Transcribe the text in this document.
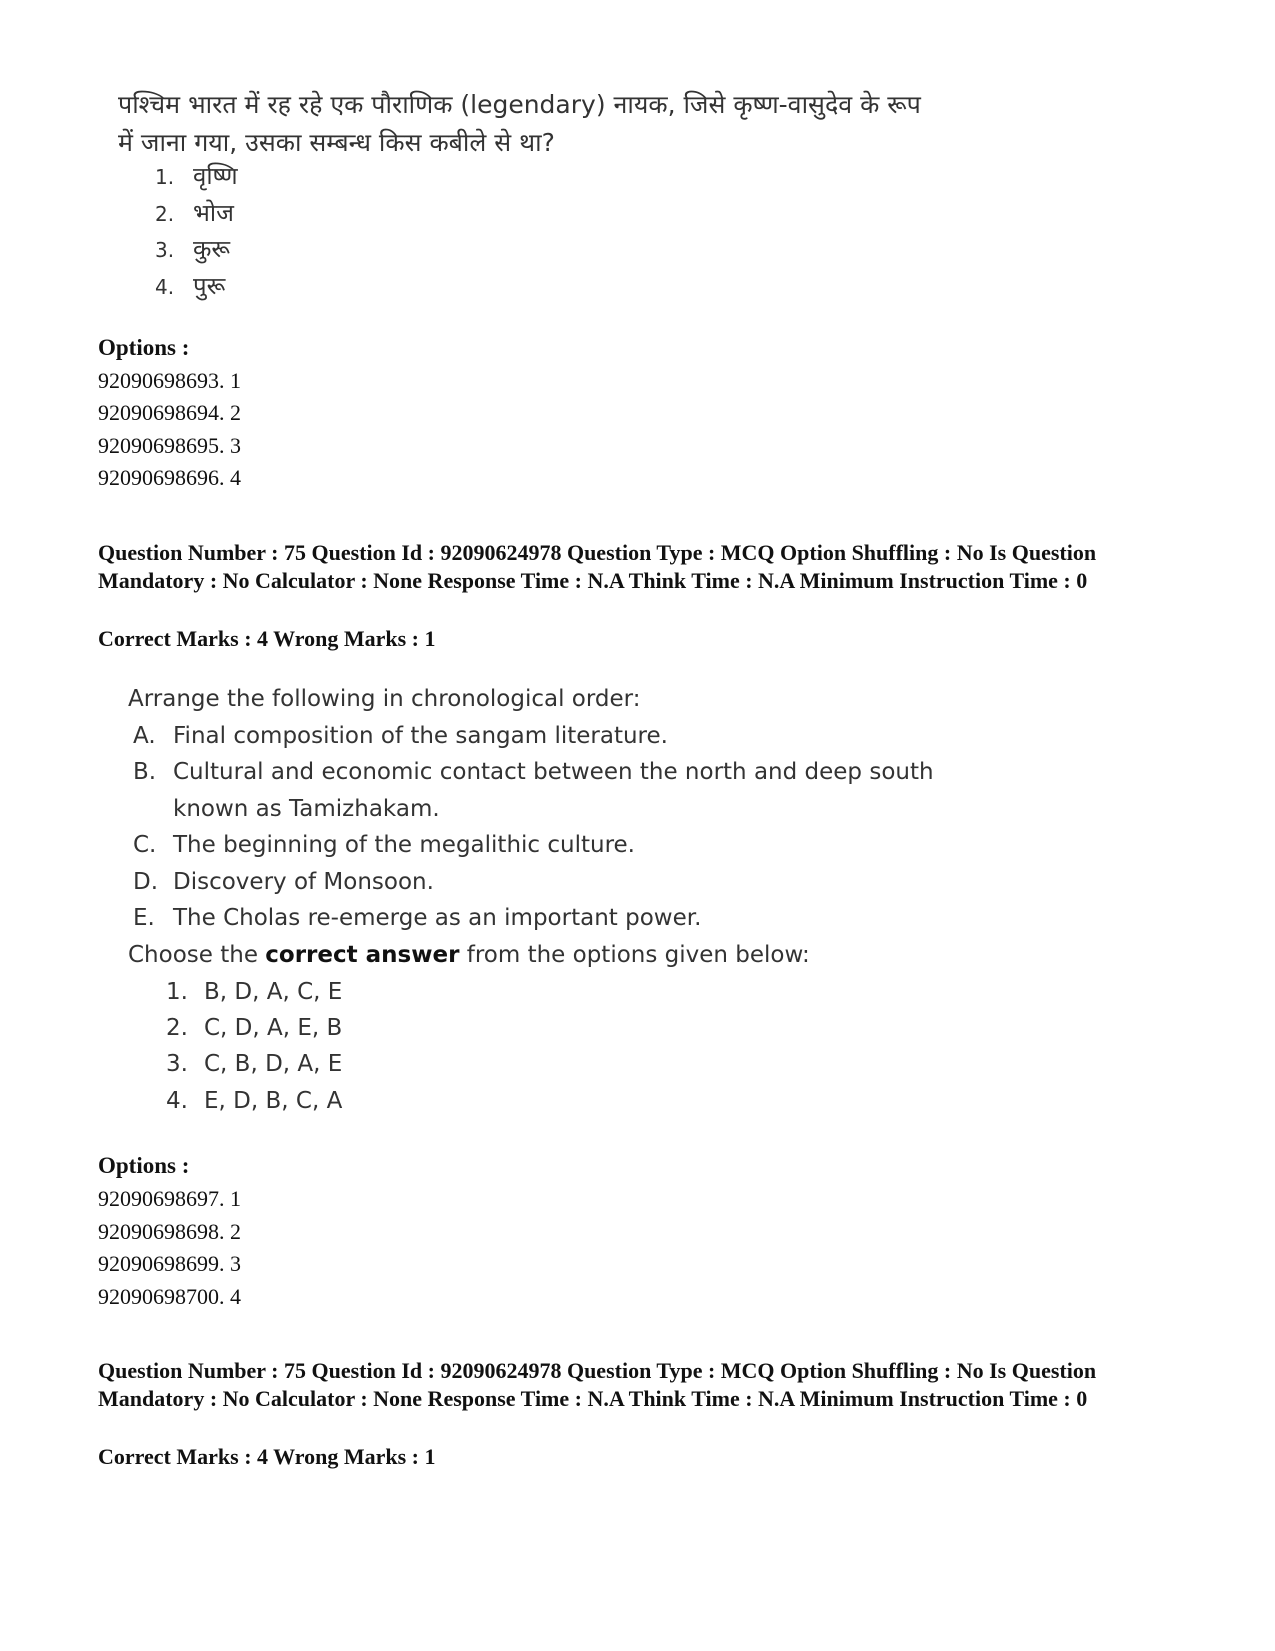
पश्चिम भारत में रह रहे एक पौराणिक (legendary) नायक, जिसे कृष्ण-वासुदेव के रूप में जाना गया, उसका सम्बन्ध किस कबीले से था?
1. वृष्णि
2. भोज
3. कुरू
4. पुरू
Options :
92090698693. 1
92090698694. 2
92090698695. 3
92090698696. 4
Question Number : 75 Question Id : 92090624978 Question Type : MCQ Option Shuffling : No Is Question Mandatory : No Calculator : None Response Time : N.A Think Time : N.A Minimum Instruction Time : 0
Correct Marks : 4 Wrong Marks : 1
Arrange the following in chronological order:
A. Final composition of the sangam literature.
B. Cultural and economic contact between the north and deep south
known as Tamizhakam.
C. The beginning of the megalithic culture.
D. Discovery of Monsoon.
E. The Cholas re-emerge as an important power.
Choose the correct answer from the options given below:
1. B, D, A, C, E
2. C, D, A, E, B
3. C, B, D, A, E
4. E, D, B, C, A
Options :
92090698697. 1
92090698698. 2
92090698699. 3
92090698700. 4
Question Number : 75 Question Id : 92090624978 Question Type : MCQ Option Shuffling : No Is Question Mandatory : No Calculator : None Response Time : N.A Think Time : N.A Minimum Instruction Time : 0
Correct Marks : 4 Wrong Marks : 1
